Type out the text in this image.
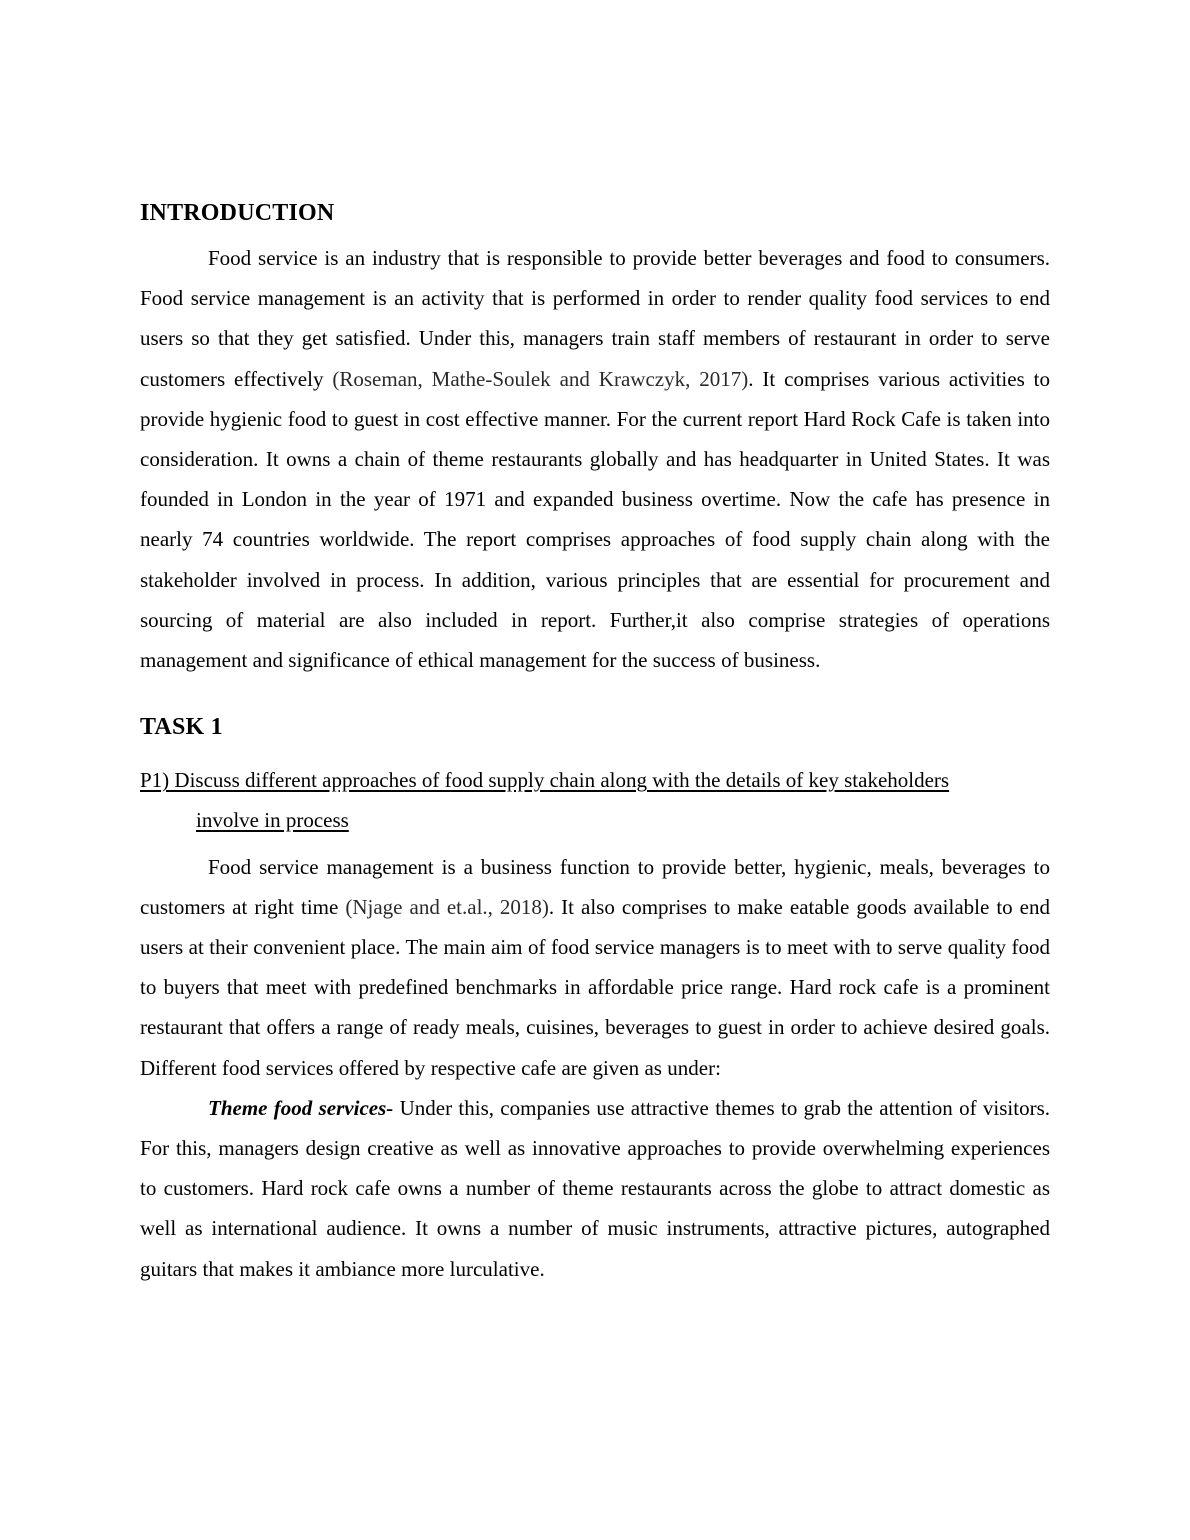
INTRODUCTION

Food service is an industry that is responsible to provide better beverages and food to consumers. Food service management is an activity that is performed in order to render quality food services to end users so that they get satisfied. Under this, managers train staff members of restaurant in order to serve customers effectively (Roseman, Mathe-Soulek and Krawczyk, 2017). It comprises various activities to provide hygienic food to guest in cost effective manner. For the current report Hard Rock Cafe is taken into consideration. It owns a chain of theme restaurants globally and has headquarter in United States. It was founded in London in the year of 1971 and expanded business overtime. Now the cafe has presence in nearly 74 countries worldwide. The report comprises approaches of food supply chain along with the stakeholder involved in process. In addition, various principles that are essential for procurement and sourcing of material are also included in report. Further,it also comprise strategies of operations management and significance of ethical management for the success of business.

TASK 1
P1) Discuss different approaches of food supply chain along with the details of key stakeholders
involve in process

Food service management is a business function to provide better, hygienic, meals, beverages to customers at right time (Njage and et.al., 2018). It also comprises to make eatable goods available to end users at their convenient place. The main aim of food service managers is to meet with to serve quality food to buyers that meet with predefined benchmarks in affordable price range. Hard rock cafe is a prominent restaurant that offers a range of ready meals, cuisines, beverages to guest in order to achieve desired goals. Different food services offered by respective cafe are given as under:

Theme food services- Under this, companies use attractive themes to grab the attention of visitors. For this, managers design creative as well as innovative approaches to provide overwhelming experiences to customers. Hard rock cafe owns a number of theme restaurants across the globe to attract domestic as well as international audience. It owns a number of music instruments, attractive pictures, autographed guitars that makes it ambiance more lurculative.
